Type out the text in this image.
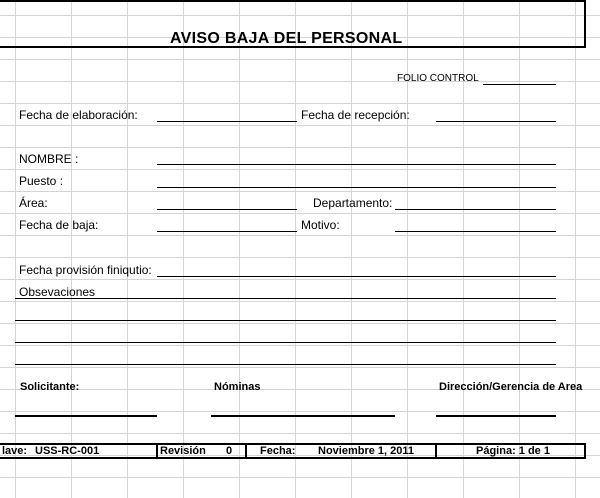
AVISO BAJA DEL PERSONAL
FOLIO CONTROL
Fecha de elaboración:	Fecha de recepción:
NOMBRE :
Puesto :
Área:	Departamento:
Fecha de baja:	Motivo:
Fecha provisión finiqutio:
Obsevaciones
Solicitante:	Nóminas	Dirección/Gerencia de Area
lave: USS-RC-001	Revisión 0	Fecha: Noviembre 1, 2011	Página: 1 de 1
